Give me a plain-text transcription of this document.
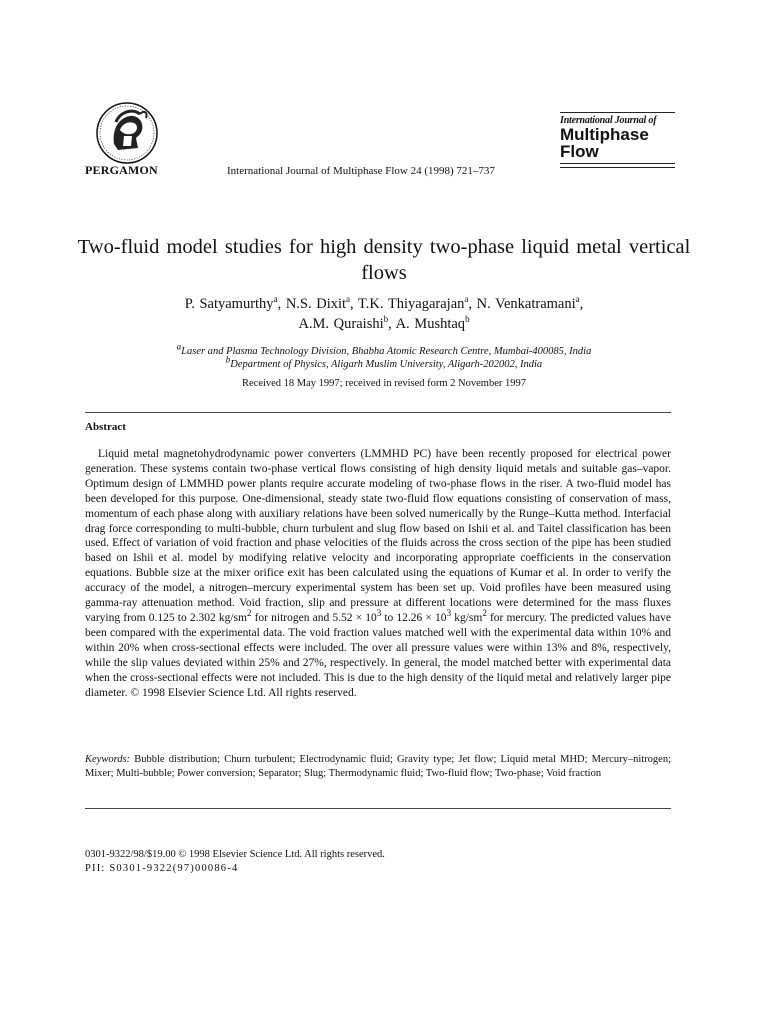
PERGAMON	International Journal of Multiphase Flow 24 (1998) 721–737
International Journal of
Multiphase
Flow
Two-fluid model studies for high density two-phase liquid metal vertical flows
P. Satyamurthy$^a$, N.S. Dixit$^a$, T.K. Thiyagarajan$^a$, N. Venkatramani$^a$,
A.M. Quraishi$^b$, A. Mushtaq$^b$
$^a$Laser and Plasma Technology Division, Bhabha Atomic Research Centre, Mumbai-400085, India
$^b$Department of Physics, Aligarh Muslim University, Aligarh-202002, India
Received 18 May 1997; received in revised form 2 November 1997
Abstract
Liquid metal magnetohydrodynamic power converters (LMMHD PC) have been recently proposed for electrical power generation. These systems contain two-phase vertical flows consisting of high density liquid metals and suitable gas–vapor. Optimum design of LMMHD power plants require accurate modeling of two-phase flows in the riser. A two-fluid model has been developed for this purpose. One-dimensional, steady state two-fluid flow equations consisting of conservation of mass, momentum of each phase along with auxiliary relations have been solved numerically by the Runge–Kutta method. Interfacial drag force corresponding to multi-bubble, churn turbulent and slug flow based on Ishii et al. and Taitel classification has been used. Effect of variation of void fraction and phase velocities of the fluids across the cross section of the pipe has been studied based on Ishii et al. model by modifying relative velocity and incorporating appropriate coefficients in the conservation equations. Bubble size at the mixer orifice exit has been calculated using the equations of Kumar et al. In order to verify the accuracy of the model, a nitrogen–mercury experimental system has been set up. Void profiles have been measured using gamma-ray attenuation method. Void fraction, slip and pressure at different locations were determined for the mass fluxes varying from 0.125 to 2.302 $kg/sm^2$ for nitrogen and $5.52 \times 10^3$ to $12.26 \times 10^3$ $kg/sm^2$ for mercury. The predicted values have been compared with the experimental data. The void fraction values matched well with the experimental data within 10% and within 20% when cross-sectional effects were included. The over all pressure values were within 13% and 8%, respectively, while the slip values deviated within 25% and 27%, respectively. In general, the model matched better with experimental data when the cross-sectional effects were not included. This is due to the high density of the liquid metal and relatively larger pipe diameter. © 1998 Elsevier Science Ltd. All rights reserved.
Keywords: Bubble distribution; Churn turbulent; Electrodynamic fluid; Gravity type; Jet flow; Liquid metal MHD; Mercury–nitrogen; Mixer; Multi-bubble; Power conversion; Separator; Slug; Thermodynamic fluid; Two-fluid flow; Two-phase; Void fraction
0301-9322/98/$19.00 © 1998 Elsevier Science Ltd. All rights reserved.
PII: S0301-9322(97)00086-4
